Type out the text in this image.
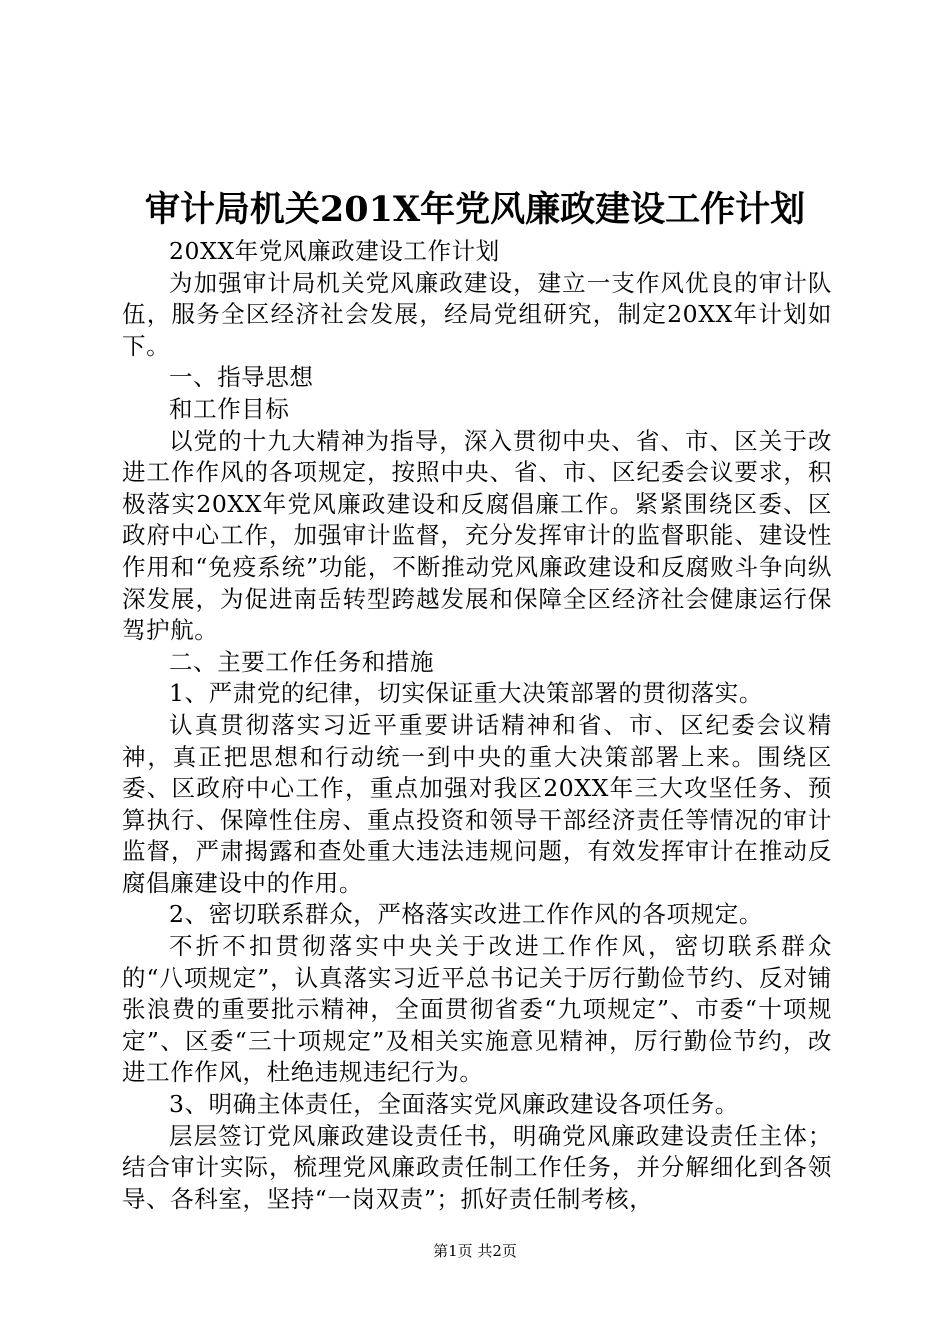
审计局机关201X年党风廉政建设工作计划

20XX年党风廉政建设工作计划

为加强审计局机关党风廉政建设，建立一支作风优良的审计队伍，服务全区经济社会发展，经局党组研究，制定20XX年计划如下。

一、指导思想

和工作目标

以党的十九大精神为指导，深入贯彻中央、省、市、区关于改进工作作风的各项规定，按照中央、省、市、区纪委会议要求，积极落实20XX年党风廉政建设和反腐倡廉工作。紧紧围绕区委、区政府中心工作，加强审计监督，充分发挥审计的监督职能、建设性作用和“免疫系统”功能，不断推动党风廉政建设和反腐败斗争向纵深发展，为促进南岳转型跨越发展和保障全区经济社会健康运行保驾护航。

二、主要工作任务和措施

1、严肃党的纪律，切实保证重大决策部署的贯彻落实。

认真贯彻落实习近平重要讲话精神和省、市、区纪委会议精神，真正把思想和行动统一到中央的重大决策部署上来。围绕区委、区政府中心工作，重点加强对我区20XX年三大攻坚任务、预算执行、保障性住房、重点投资和领导干部经济责任等情况的审计监督，严肃揭露和查处重大违法违规问题，有效发挥审计在推动反腐倡廉建设中的作用。

2、密切联系群众，严格落实改进工作作风的各项规定。

不折不扣贯彻落实中央关于改进工作作风，密切联系群众的“八项规定”，认真落实习近平总书记关于厉行勤俭节约、反对铺张浪费的重要批示精神，全面贯彻省委“九项规定”、市委“十项规定”、区委“三十项规定”及相关实施意见精神，厉行勤俭节约，改进工作作风，杜绝违规违纪行为。

3、明确主体责任，全面落实党风廉政建设各项任务。

层层签订党风廉政建设责任书，明确党风廉政建设责任主体；结合审计实际，梳理党风廉政责任制工作任务，并分解细化到各领导、各科室，坚持“一岗双责”；抓好责任制考核，

第1页 共2页
